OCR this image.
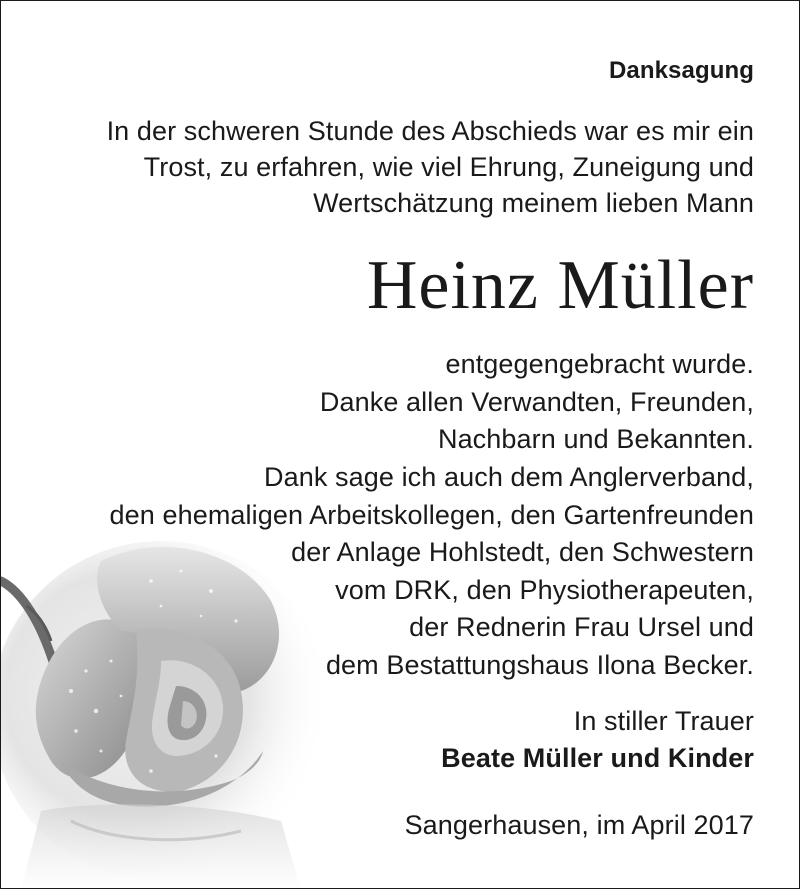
Danksagung
In der schweren Stunde des Abschieds war es mir ein
Trost, zu erfahren, wie viel Ehrung, Zuneigung und
Wertschätzung meinem lieben Mann
Heinz Müller
entgegengebracht wurde.
Danke allen Verwandten, Freunden,
Nachbarn und Bekannten.
Dank sage ich auch dem Anglerverband,
den ehemaligen Arbeitskollegen, den Gartenfreunden
der Anlage Hohlstedt, den Schwestern
vom DRK, den Physiotherapeuten,
der Rednerin Frau Ursel und
dem Bestattungshaus Ilona Becker.
In stiller Trauer
Beate Müller und Kinder
Sangerhausen, im April 2017
